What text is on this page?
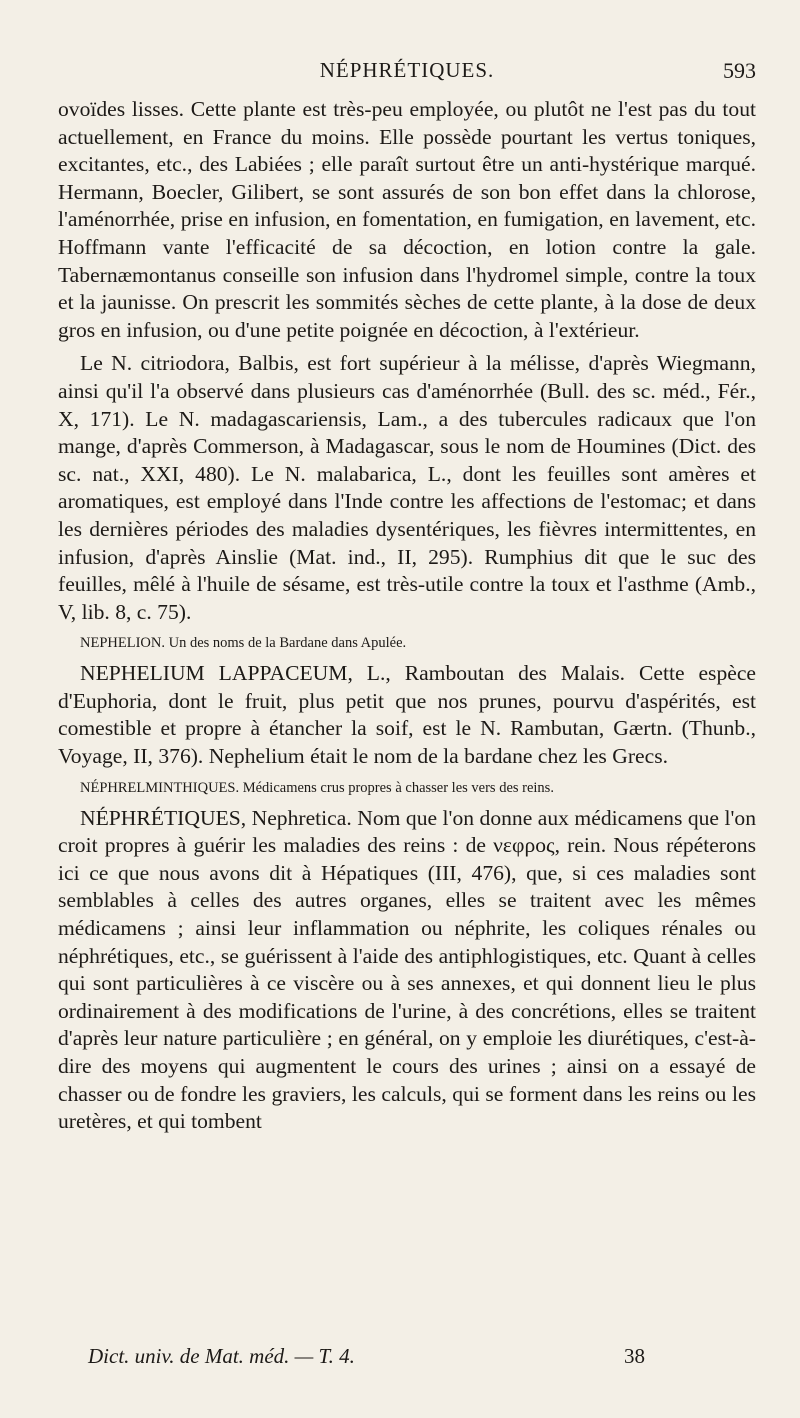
NÉPHRÉTIQUES.	593

ovoïdes lisses. Cette plante est très-peu employée, ou plutôt ne l'est pas du tout actuellement, en France du moins. Elle possède pourtant les vertus toniques, excitantes, etc., des Labiées ; elle paraît surtout être un anti-hystérique marqué. Hermann, Boecler, Gilibert, se sont assurés de son bon effet dans la chlorose, l'aménorrhée, prise en infusion, en fomentation, en fumigation, en lavement, etc. Hoffmann vante l'efficacité de sa décoction, en lotion contre la gale. Tabernæmontanus conseille son infusion dans l'hydromel simple, contre la toux et la jaunisse. On prescrit les sommités sèches de cette plante, à la dose de deux gros en infusion, ou d'une petite poignée en décoction, à l'extérieur.

Le N. citriodora, Balbis, est fort supérieur à la mélisse, d'après Wiegmann, ainsi qu'il l'a observé dans plusieurs cas d'aménorrhée (Bull. des sc. méd., Fér., X, 171). Le N. madagascariensis, Lam., a des tubercules radicaux que l'on mange, d'après Commerson, à Madagascar, sous le nom de Houmines (Dict. des sc. nat., XXI, 480). Le N. malabarica, L., dont les feuilles sont amères et aromatiques, est employé dans l'Inde contre les affections de l'estomac; et dans les dernières périodes des maladies dysentériques, les fièvres intermittentes, en infusion, d'après Ainslie (Mat. ind., II, 295). Rumphius dit que le suc des feuilles, mêlé à l'huile de sésame, est très-utile contre la toux et l'asthme (Amb., V, lib. 8, c. 75).

NEPHELION. Un des noms de la Bardane dans Apulée.

NEPHELIUM LAPPACEUM, L., Ramboutan des Malais. Cette espèce d'Euphoria, dont le fruit, plus petit que nos prunes, pourvu d'aspérités, est comestible et propre à étancher la soif, est le N. Rambutan, Gærtn. (Thunb., Voyage, II, 376). Nephelium était le nom de la bardane chez les Grecs.

NÉPHRELMINTHIQUES. Médicamens crus propres à chasser les vers des reins.

NÉPHRÉTIQUES, Nephretica. Nom que l'on donne aux médicamens que l'on croit propres à guérir les maladies des reins : de νεφρος, rein. Nous répéterons ici ce que nous avons dit à Hépatiques (III, 476), que, si ces maladies sont semblables à celles des autres organes, elles se traitent avec les mêmes médicamens ; ainsi leur inflammation ou néphrite, les coliques rénales ou néphrétiques, etc., se guérissent à l'aide des antiphlogistiques, etc. Quant à celles qui sont particulières à ce viscère ou à ses annexes, et qui donnent lieu le plus ordinairement à des modifications de l'urine, à des concrétions, elles se traitent d'après leur nature particulière ; en général, on y emploie les diurétiques, c'est-à-dire des moyens qui augmentent le cours des urines ; ainsi on a essayé de chasser ou de fondre les graviers, les calculs, qui se forment dans les reins ou les uretères, et qui tombent

Dict. univ. de Mat. méd. — T. 4.	38
